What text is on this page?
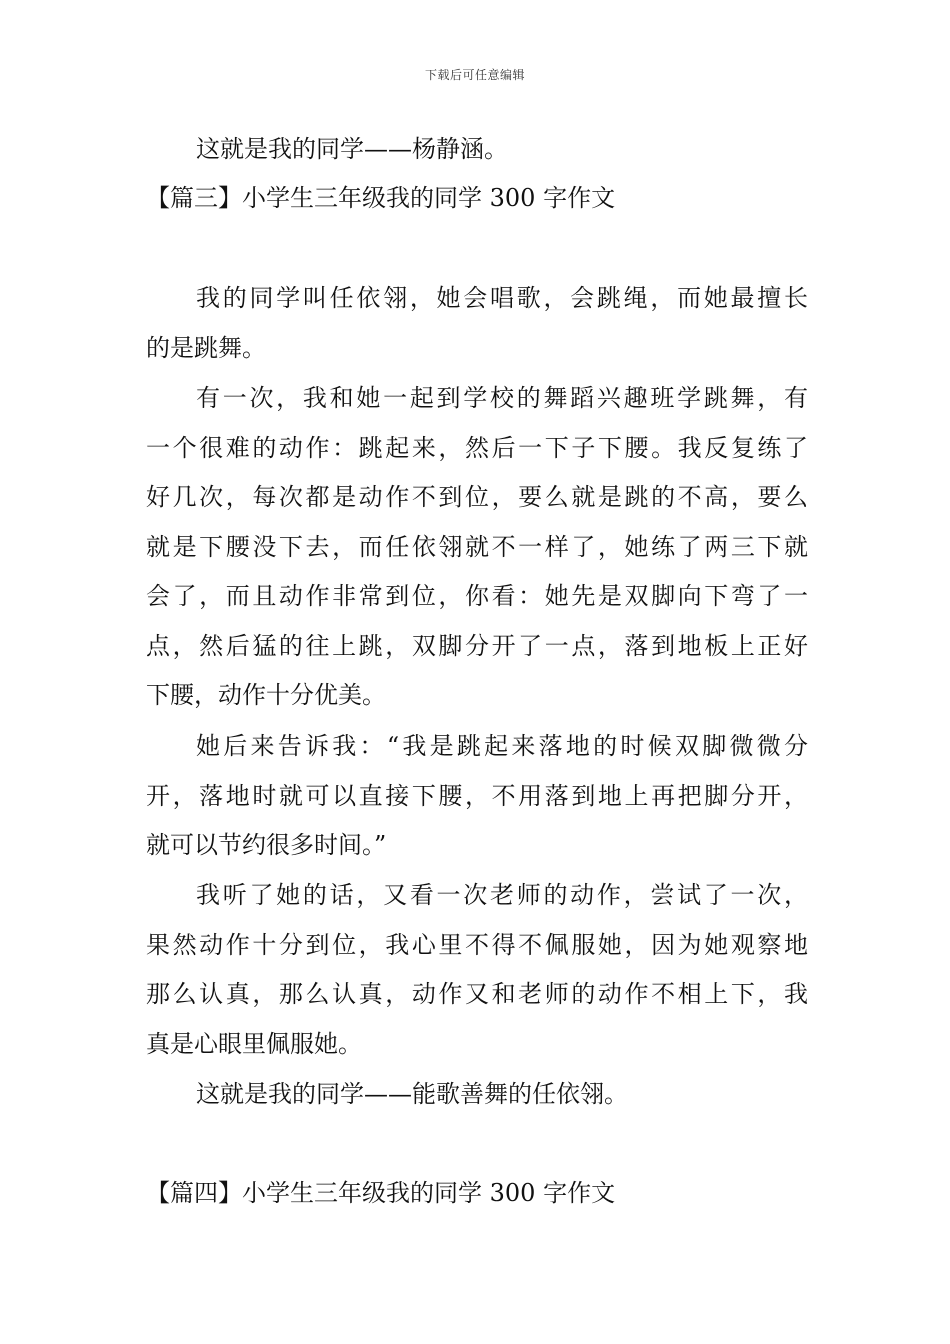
下载后可任意编辑
这就是我的同学——杨静涵。
【篇三】小学生三年级我的同学 300 字作文
我的同学叫任依翎，她会唱歌，会跳绳，而她最擅长
的是跳舞。
有一次，我和她一起到学校的舞蹈兴趣班学跳舞，有
一个很难的动作：跳起来，然后一下子下腰。我反复练了
好几次，每次都是动作不到位，要么就是跳的不高，要么
就是下腰没下去，而任依翎就不一样了，她练了两三下就
会了，而且动作非常到位，你看：她先是双脚向下弯了一
点，然后猛的往上跳，双脚分开了一点，落到地板上正好
下腰，动作十分优美。
她后来告诉我：“我是跳起来落地的时候双脚微微分
开，落地时就可以直接下腰，不用落到地上再把脚分开，
就可以节约很多时间。”
我听了她的话，又看一次老师的动作，尝试了一次，
果然动作十分到位，我心里不得不佩服她，因为她观察地
那么认真，那么认真，动作又和老师的动作不相上下，我
真是心眼里佩服她。
这就是我的同学——能歌善舞的任依翎。
【篇四】小学生三年级我的同学 300 字作文
